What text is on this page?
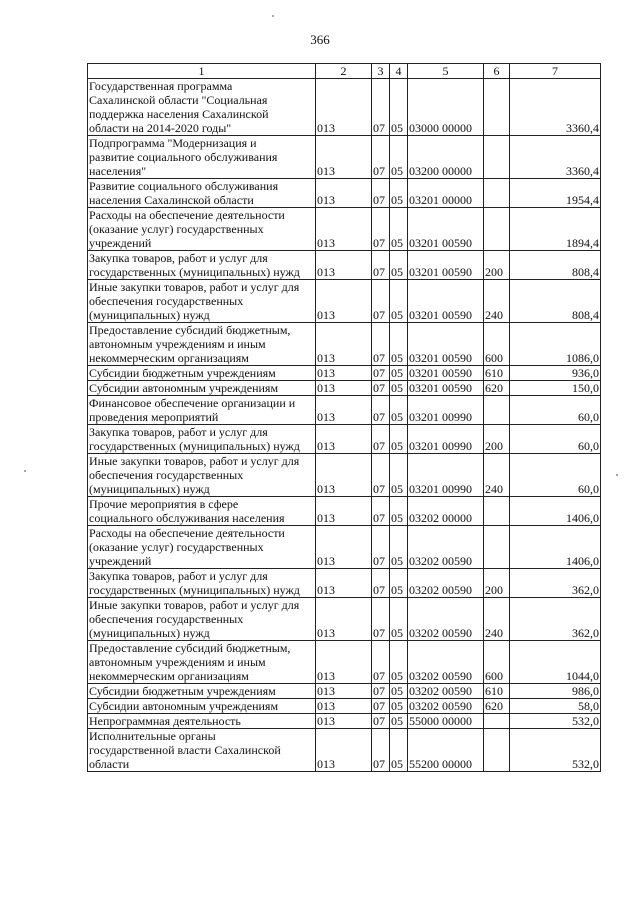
366
1	2	3	4	5	6	7
Государственная программа
Сахалинской области "Социальная
поддержка населения Сахалинской
области на 2014-2020 годы"	013	07	05	03000 00000		3360,4
Подпрограмма "Модернизация и
развитие социального обслуживания
населения"	013	07	05	03200 00000		3360,4
Развитие социального обслуживания
населения Сахалинской области	013	07	05	03201 00000		1954,4
Расходы на обеспечение деятельности
(оказание услуг) государственных
учреждений	013	07	05	03201 00590		1894,4
Закупка товаров, работ и услуг для
государственных (муниципальных) нужд	013	07	05	03201 00590	200	808,4
Иные закупки товаров, работ и услуг для
обеспечения государственных
(муниципальных) нужд	013	07	05	03201 00590	240	808,4
Предоставление субсидий бюджетным,
автономным учреждениям и иным
некоммерческим организациям	013	07	05	03201 00590	600	1086,0
Субсидии бюджетным учреждениям	013	07	05	03201 00590	610	936,0
Субсидии автономным учреждениям	013	07	05	03201 00590	620	150,0
Финансовое обеспечение организации и
проведения мероприятий	013	07	05	03201 00990		60,0
Закупка товаров, работ и услуг для
государственных (муниципальных) нужд	013	07	05	03201 00990	200	60,0
Иные закупки товаров, работ и услуг для
обеспечения государственных
(муниципальных) нужд	013	07	05	03201 00990	240	60,0
Прочие мероприятия в сфере
социального обслуживания населения	013	07	05	03202 00000		1406,0
Расходы на обеспечение деятельности
(оказание услуг) государственных
учреждений	013	07	05	03202 00590		1406,0
Закупка товаров, работ и услуг для
государственных (муниципальных) нужд	013	07	05	03202 00590	200	362,0
Иные закупки товаров, работ и услуг для
обеспечения государственных
(муниципальных) нужд	013	07	05	03202 00590	240	362,0
Предоставление субсидий бюджетным,
автономным учреждениям и иным
некоммерческим организациям	013	07	05	03202 00590	600	1044,0
Субсидии бюджетным учреждениям	013	07	05	03202 00590	610	986,0
Субсидии автономным учреждениям	013	07	05	03202 00590	620	58,0
Непрограммная деятельность	013	07	05	55000 00000		532,0
Исполнительные органы
государственной власти Сахалинской
области	013	07	05	55200 00000		532,0
